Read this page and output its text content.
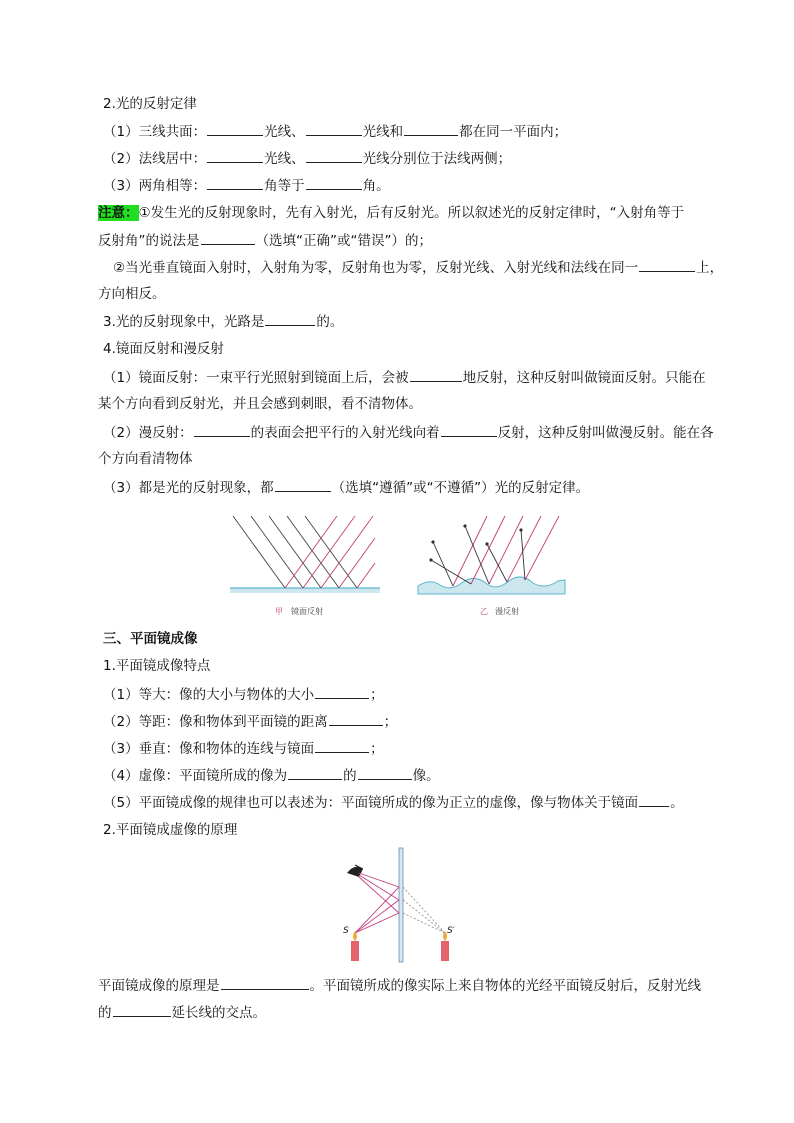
2.光的反射定律
（1）三线共面：	光线、	光线和	都在同一平面内；
（2）法线居中：	光线、	光线分别位于法线两侧；
（3）两角相等：	角等于	角。
注意：①发生光的反射现象时，先有入射光，后有反射光。所以叙述光的反射定律时，“入射角等于
反射角”的说法是	（选填“正确”或“错误”）的；
②当光垂直镜面入射时，入射角为零，反射角也为零，反射光线、入射光线和法线在同一	上，
方向相反。
3.光的反射现象中，光路是	的。
4.镜面反射和漫反射
（1）镜面反射：一束平行光照射到镜面上后，会被	地反射，这种反射叫做镜面反射。只能在
某个方向看到反射光，并且会感到刺眼，看不清物体。
（2）漫反射：	的表面会把平行的入射光线向着	反射，这种反射叫做漫反射。能在各
个方向看清物体
（3）都是光的反射现象，都	（选填“遵循”或“不遵循”）光的反射定律。
甲 镜面反射	乙 漫反射
三、平面镜成像
1.平面镜成像特点
（1）等大：像的大小与物体的大小	；
（2）等距：像和物体到平面镜的距离	；
（3）垂直：像和物体的连线与镜面	；
（4）虚像：平面镜所成的像为	的	像。
（5）平面镜成像的规律也可以表述为：平面镜所成的像为正立的虚像，像与物体关于镜面 。
2.平面镜成虚像的原理
S	S′
平面镜成像的原理是	。平面镜所成的像实际上来自物体的光经平面镜反射后，反射光线
的	延长线的交点。
